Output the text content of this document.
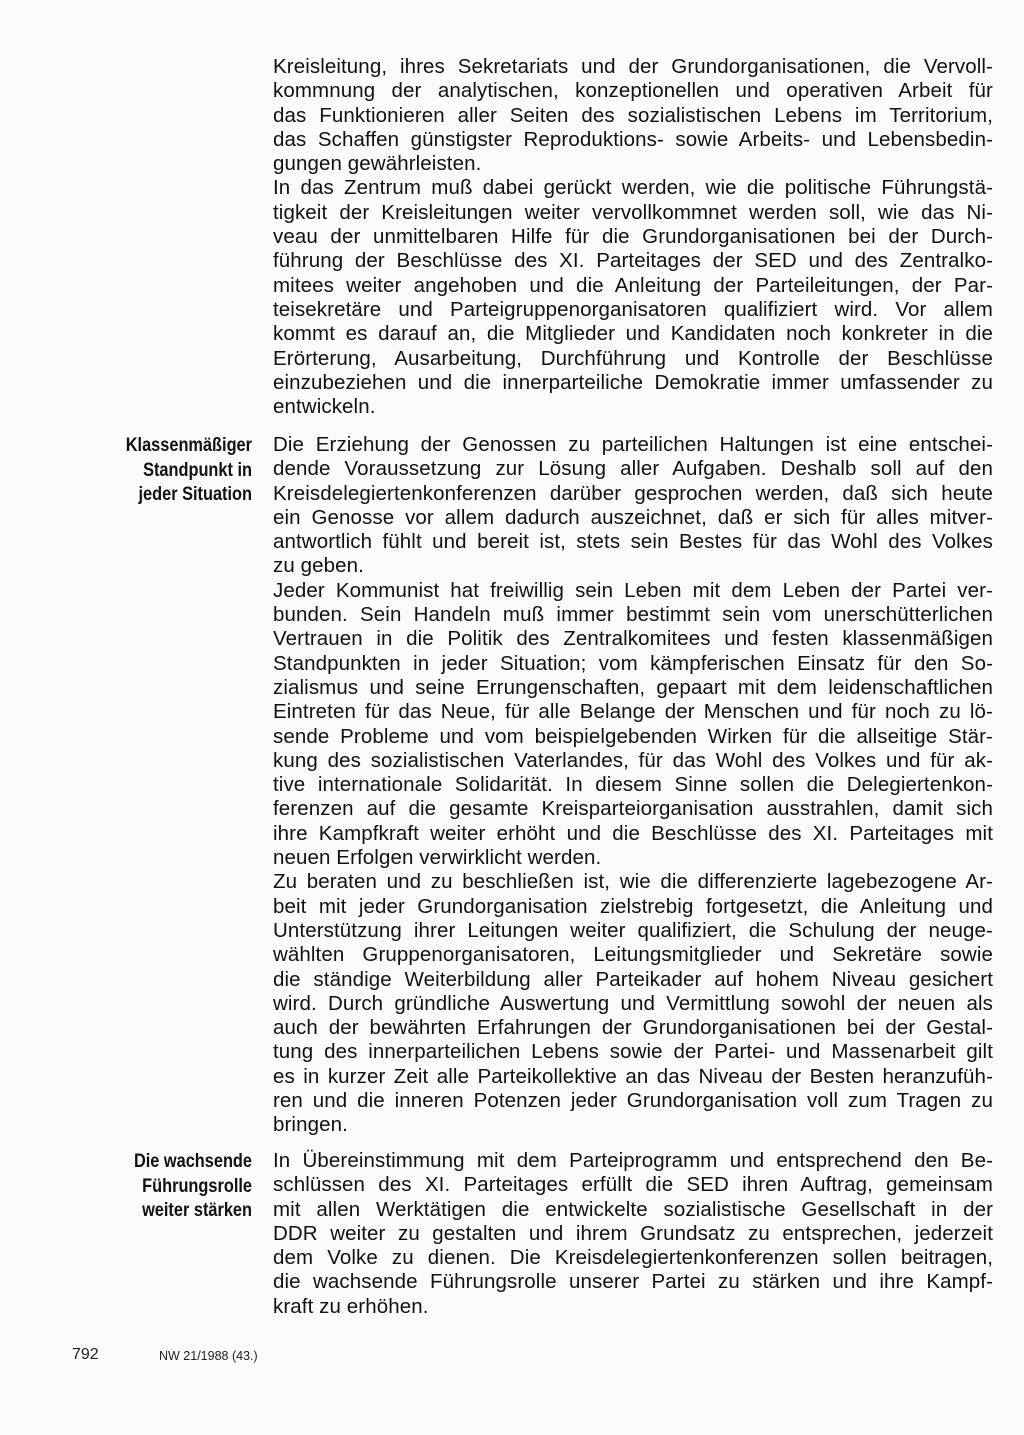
Kreisleitung, ihres Sekretariats und der Grundorganisationen, die Vervoll-
kommnung der analytischen, konzeptionellen und operativen Arbeit für
das Funktionieren aller Seiten des sozialistischen Lebens im Territorium,
das Schaffen günstigster Reproduktions- sowie Arbeits- und Lebensbedin-
gungen gewährleisten.

In das Zentrum muß dabei gerückt werden, wie die politische Führungstä-
tigkeit der Kreisleitungen weiter vervollkommnet werden soll, wie das Ni-
veau der unmittelbaren Hilfe für die Grundorganisationen bei der Durch-
führung der Beschlüsse des XI. Parteitages der SED und des Zentralko-
mitees weiter angehoben und die Anleitung der Parteileitungen, der Par-
teisekretäre und Parteigruppenorganisatoren qualifiziert wird. Vor allem
kommt es darauf an, die Mitglieder und Kandidaten noch konkreter in die
Erörterung, Ausarbeitung, Durchführung und Kontrolle der Beschlüsse
einzubeziehen und die innerparteiliche Demokratie immer umfassender zu
entwickeln.

Klassenmäßiger
Standpunkt in
jeder Situation

Die Erziehung der Genossen zu parteilichen Haltungen ist eine entschei-
dende Voraussetzung zur Lösung aller Aufgaben. Deshalb soll auf den
Kreisdelegiertenkonferenzen darüber gesprochen werden, daß sich heute
ein Genosse vor allem dadurch auszeichnet, daß er sich für alles mitver-
antwortlich fühlt und bereit ist, stets sein Bestes für das Wohl des Volkes
zu geben.

Jeder Kommunist hat freiwillig sein Leben mit dem Leben der Partei ver-
bunden. Sein Handeln muß immer bestimmt sein vom unerschütterlichen
Vertrauen in die Politik des Zentralkomitees und festen klassenmäßigen
Standpunkten in jeder Situation; vom kämpferischen Einsatz für den So-
zialismus und seine Errungenschaften, gepaart mit dem leidenschaftlichen
Eintreten für das Neue, für alle Belange der Menschen und für noch zu lö-
sende Probleme und vom beispielgebenden Wirken für die allseitige Stär-
kung des sozialistischen Vaterlandes, für das Wohl des Volkes und für ak-
tive internationale Solidarität. In diesem Sinne sollen die Delegiertenkon-
ferenzen auf die gesamte Kreisparteiorganisation ausstrahlen, damit sich
ihre Kampfkraft weiter erhöht und die Beschlüsse des XI. Parteitages mit
neuen Erfolgen verwirklicht werden.

Zu beraten und zu beschließen ist, wie die differenzierte lagebezogene Ar-
beit mit jeder Grundorganisation zielstrebig fortgesetzt, die Anleitung und
Unterstützung ihrer Leitungen weiter qualifiziert, die Schulung der neuge-
wählten Gruppenorganisatoren, Leitungsmitglieder und Sekretäre sowie
die ständige Weiterbildung aller Parteikader auf hohem Niveau gesichert
wird. Durch gründliche Auswertung und Vermittlung sowohl der neuen als
auch der bewährten Erfahrungen der Grundorganisationen bei der Gestal-
tung des innerparteilichen Lebens sowie der Partei- und Massenarbeit gilt
es in kurzer Zeit alle Parteikollektive an das Niveau der Besten heranzufüh-
ren und die inneren Potenzen jeder Grundorganisation voll zum Tragen zu
bringen.

Die wachsende
Führungsrolle
weiter stärken

In Übereinstimmung mit dem Parteiprogramm und entsprechend den Be-
schlüssen des XI. Parteitages erfüllt die SED ihren Auftrag, gemeinsam
mit allen Werktätigen die entwickelte sozialistische Gesellschaft in der
DDR weiter zu gestalten und ihrem Grundsatz zu entsprechen, jederzeit
dem Volke zu dienen. Die Kreisdelegiertenkonferenzen sollen beitragen,
die wachsende Führungsrolle unserer Partei zu stärken und ihre Kampf-
kraft zu erhöhen.

792	NW 21/1988 (43.)
